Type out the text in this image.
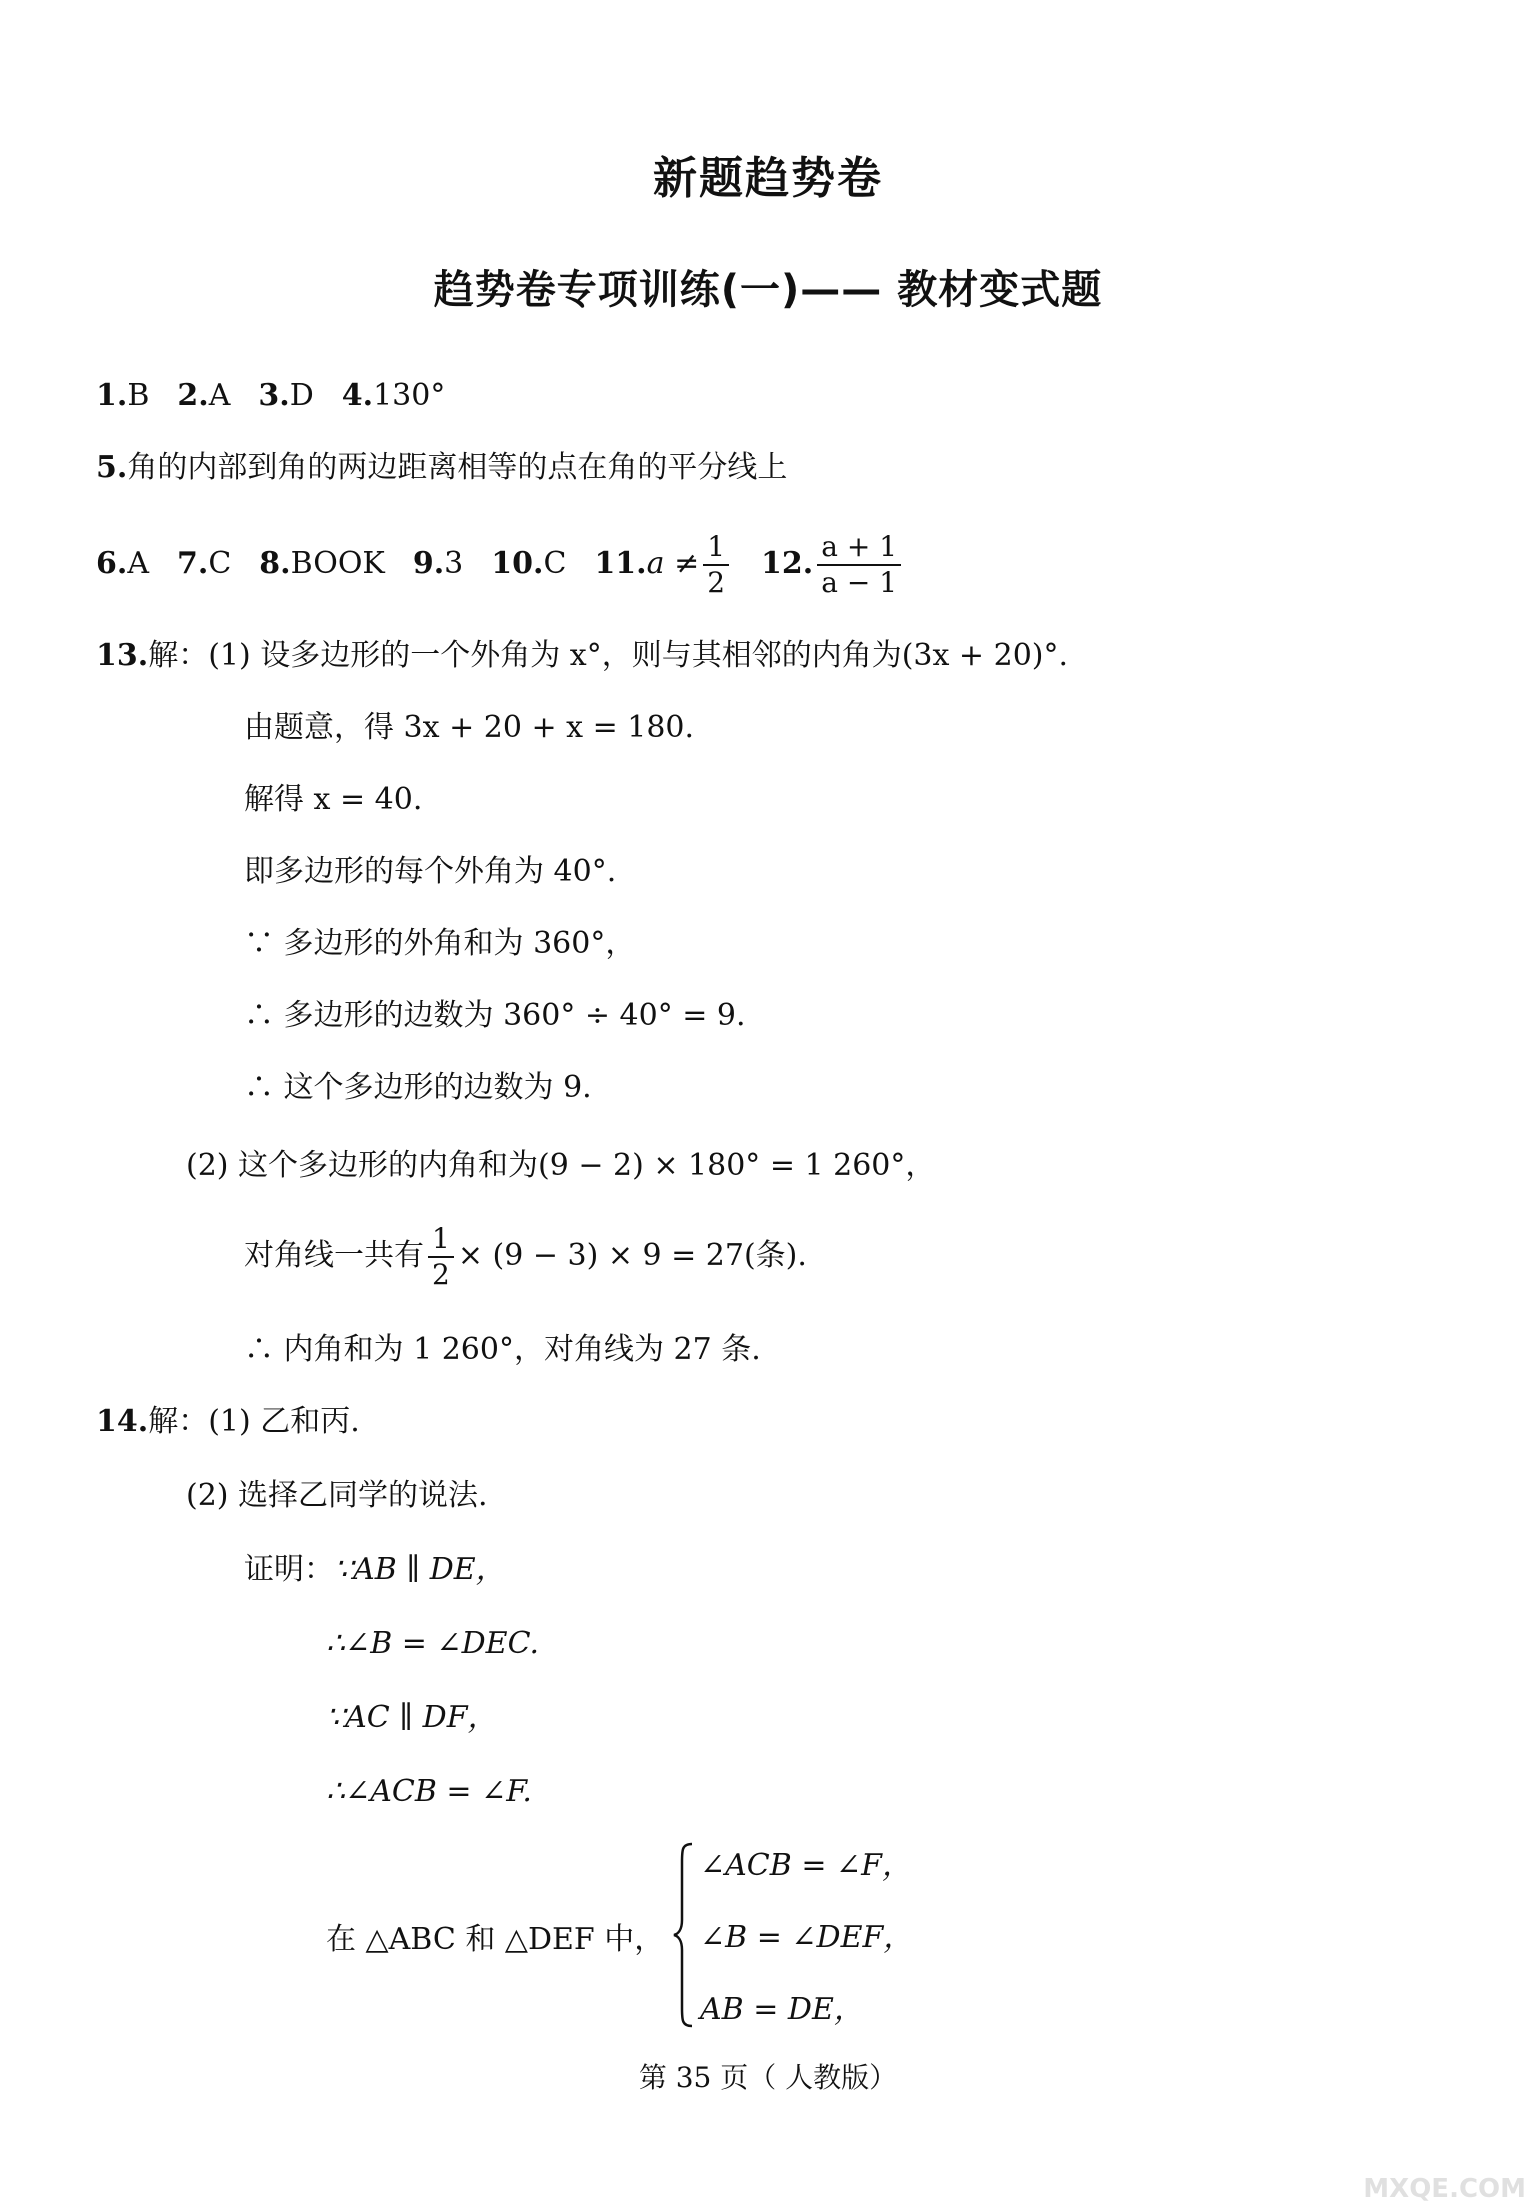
新题趋势卷
趋势卷专项训练(一)—— 教材变式题
1.B 2.A 3.D 4.130°
5.角的内部到角的两边距离相等的点在角的平分线上
6.A 7.C 8.BOOK 9.3 10.C $11.a \ne \frac{1}{2} 12$. $\frac{a + 1}{a - 1}$
13.解：(1) 设多边形的一个外角为 x°，则与其相邻的内角为(3x + 20)°.
由题意，得 3x + 20 + x = 180.
解得 x = 40.
即多边形的每个外角为 40°.
∵ 多边形的外角和为 360°，
∴ 多边形的边数为 360° ÷ 40° = 9.
∴ 这个多边形的边数为 9.
(2) 这个多边形的内角和为(9 − 2) × 180° = 1 260°，
对角线一共有 $\frac{1}{2} \times (9 - 3) \times 9 = 27$(条).
∴ 内角和为 1 260°，对角线为 27 条.
14.解：(1) 乙和丙.
(2) 选择乙同学的说法.
证明：∵AB ∥ DE，
∴∠B = ∠DEC.
∵AC ∥ DF，
∴∠ACB = ∠F.
在 △ABC 和 △DEF 中，
∠ACB = ∠F，
∠B = ∠DEF，
AB = DE，
第 35 页（ 人教版）
MXQE.COM
